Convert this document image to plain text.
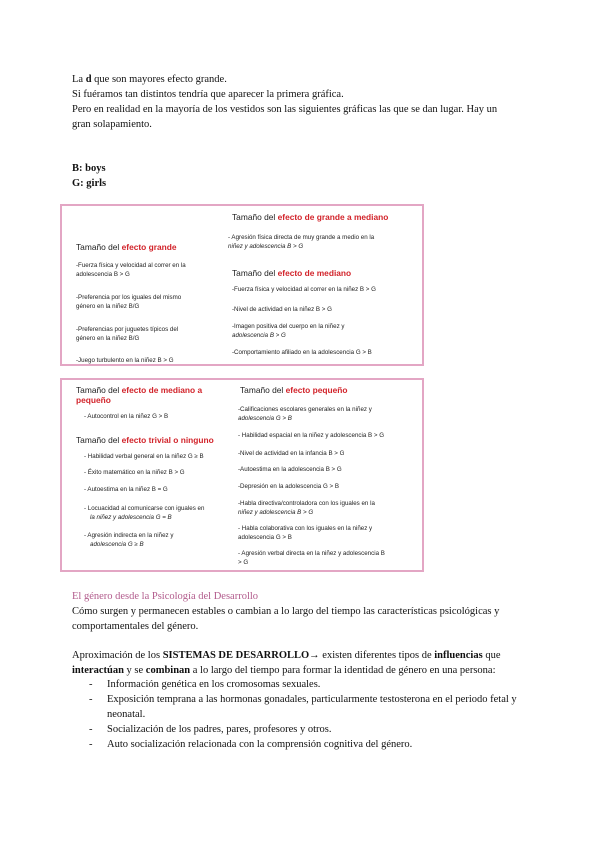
La d que son mayores efecto grande.

Si fuéramos tan distintos tendría que aparecer la primera gráfica.

Pero en realidad en la mayoría de los vestidos son las siguientes gráficas las que se dan lugar. Hay un

gran solapamiento.

B: boys

G: girls

Tamaño del efecto grande
-Fuerza física y velocidad al correr en la
adolescencia B > G
-Preferencia por los iguales del mismo
género en la niñez B/G
-Preferencias por juguetes típicos del
género en la niñez B/G
-Juego turbulento en la niñez B > G
Tamaño del efecto de grande a mediano
- Agresión física directa de muy grande a medio en la
niñez y adolescencia B > G
Tamaño del efecto de mediano
-Fuerza física y velocidad al correr en la niñez B > G
-Nivel de actividad en la niñez B > G
-Imagen positiva del cuerpo en la niñez y
adolescencia B > G
-Comportamiento afiliado en la adolescencia G > B
Tamaño del efecto de mediano a
pequeño
- Autocontrol en la niñez G > B
Tamaño del efecto trivial o ninguno
- Habilidad verbal general en la niñez G ≥ B
- Éxito matemático en la niñez B > G
- Autoestima en la niñez B = G
- Locuacidad al comunicarse con iguales en
la niñez y adolescencia G = B
- Agresión indirecta en la niñez y
adolescencia G ≥ B
Tamaño del efecto pequeño
-Calificaciones escolares generales en la niñez y
adolescencia G > B
- Habilidad espacial en la niñez y adolescencia B > G
-Nivel de actividad en la infancia B > G
-Autoestima en la adolescencia B > G
-Depresión en la adolescencia G > B
-Habla directiva/controladora con los iguales en la
niñez y adolescencia B > G
- Habla colaborativa con los iguales en la niñez y
adolescencia G > B
- Agresión verbal directa en la niñez y adolescencia B
> G

El género desde la Psicología del Desarrollo

Cómo surgen y permanecen estables o cambian a lo largo del tiempo las características psicológicas y

comportamentales del género.

Aproximación de los SISTEMAS DE DESARROLLO→ existen diferentes tipos de influencias que

interactúan y se combinan a lo largo del tiempo para formar la identidad de género en una persona:

- Información genética en los cromosomas sexuales.
- Exposición temprana a las hormonas gonadales, particularmente testosterona en el periodo fetal y neonatal.
- Socialización de los padres, pares, profesores y otros.
- Auto socialización relacionada con la comprensión cognitiva del género.
